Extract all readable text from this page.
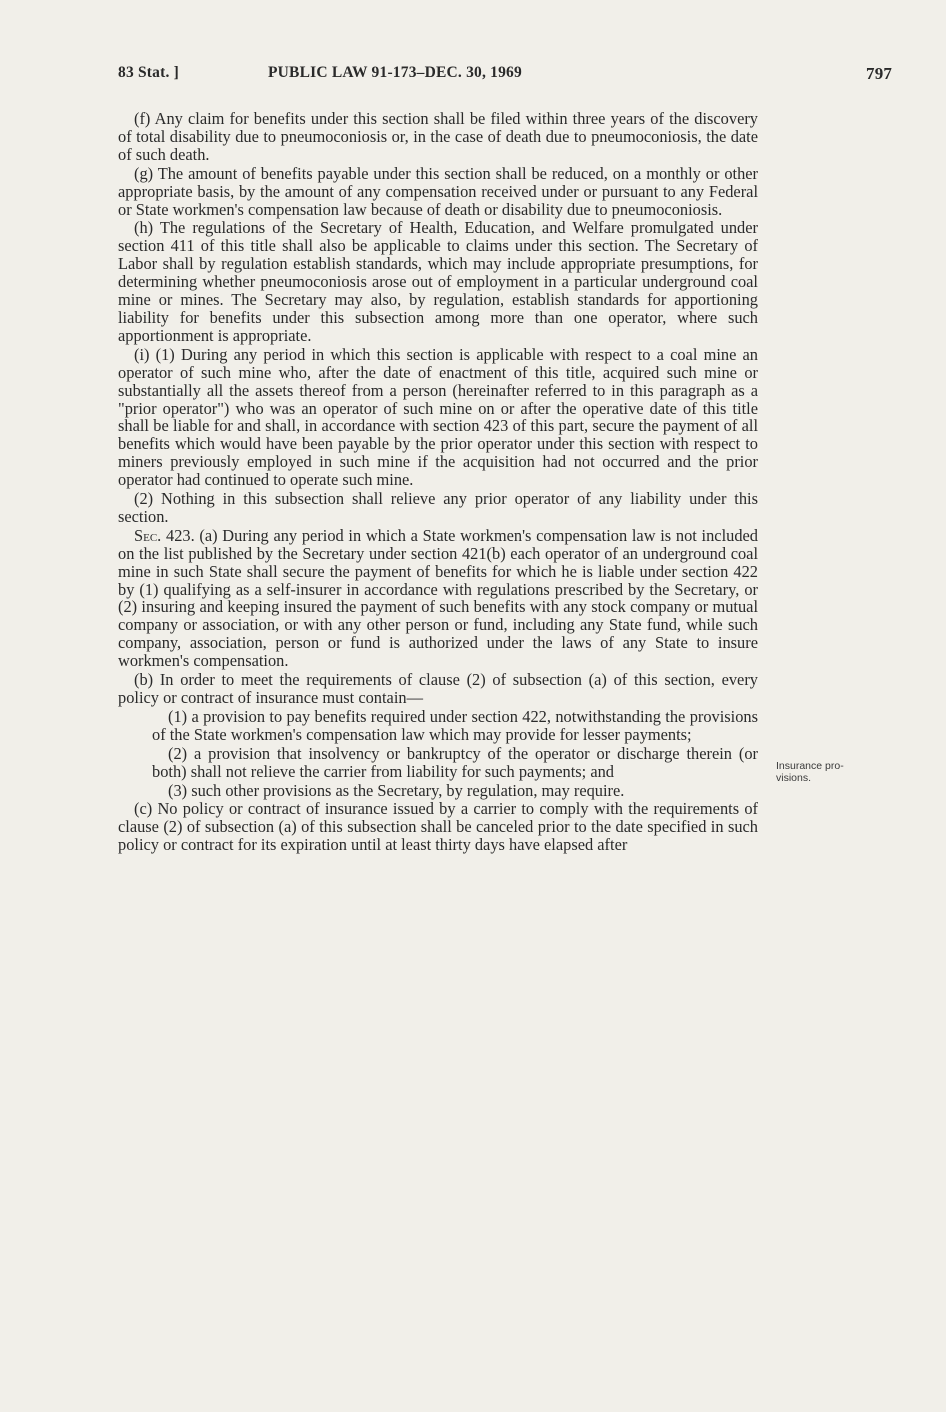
83 Stat. ]	PUBLIC LAW 91-173–DEC. 30, 1969	797

(f) Any claim for benefits under this section shall be filed within three years of the discovery of total disability due to pneumoconiosis or, in the case of death due to pneumoconiosis, the date of such death.

(g) The amount of benefits payable under this section shall be reduced, on a monthly or other appropriate basis, by the amount of any compensation received under or pursuant to any Federal or State workmen's compensation law because of death or disability due to pneumoconiosis.

(h) The regulations of the Secretary of Health, Education, and Welfare promulgated under section 411 of this title shall also be applicable to claims under this section. The Secretary of Labor shall by regulation establish standards, which may include appropriate presumptions, for determining whether pneumoconiosis arose out of employment in a particular underground coal mine or mines. The Secretary may also, by regulation, establish standards for apportioning liability for benefits under this subsection among more than one operator, where such apportionment is appropriate.

(i) (1) During any period in which this section is applicable with respect to a coal mine an operator of such mine who, after the date of enactment of this title, acquired such mine or substantially all the assets thereof from a person (hereinafter referred to in this paragraph as a "prior operator") who was an operator of such mine on or after the operative date of this title shall be liable for and shall, in accordance with section 423 of this part, secure the payment of all benefits which would have been payable by the prior operator under this section with respect to miners previously employed in such mine if the acquisition had not occurred and the prior operator had continued to operate such mine.

(2) Nothing in this subsection shall relieve any prior operator of any liability under this section.

Sec. 423. (a) During any period in which a State workmen's compensation law is not included on the list published by the Secretary under section 421(b) each operator of an underground coal mine in such State shall secure the payment of benefits for which he is liable under section 422 by (1) qualifying as a self-insurer in accordance with regulations prescribed by the Secretary, or (2) insuring and keeping insured the payment of such benefits with any stock company or mutual company or association, or with any other person or fund, including any State fund, while such company, association, person or fund is authorized under the laws of any State to insure workmen's compensation.

(b) In order to meet the requirements of clause (2) of subsection (a) of this section, every policy or contract of insurance must contain—

(1) a provision to pay benefits required under section 422, notwithstanding the provisions of the State workmen's compensation law which may provide for lesser payments;

(2) a provision that insolvency or bankruptcy of the operator or discharge therein (or both) shall not relieve the carrier from liability for such payments; and

(3) such other provisions as the Secretary, by regulation, may require.

(c) No policy or contract of insurance issued by a carrier to comply with the requirements of clause (2) of subsection (a) of this subsection shall be canceled prior to the date specified in such policy or contract for its expiration until at least thirty days have elapsed after

Insurance pro-
visions.
